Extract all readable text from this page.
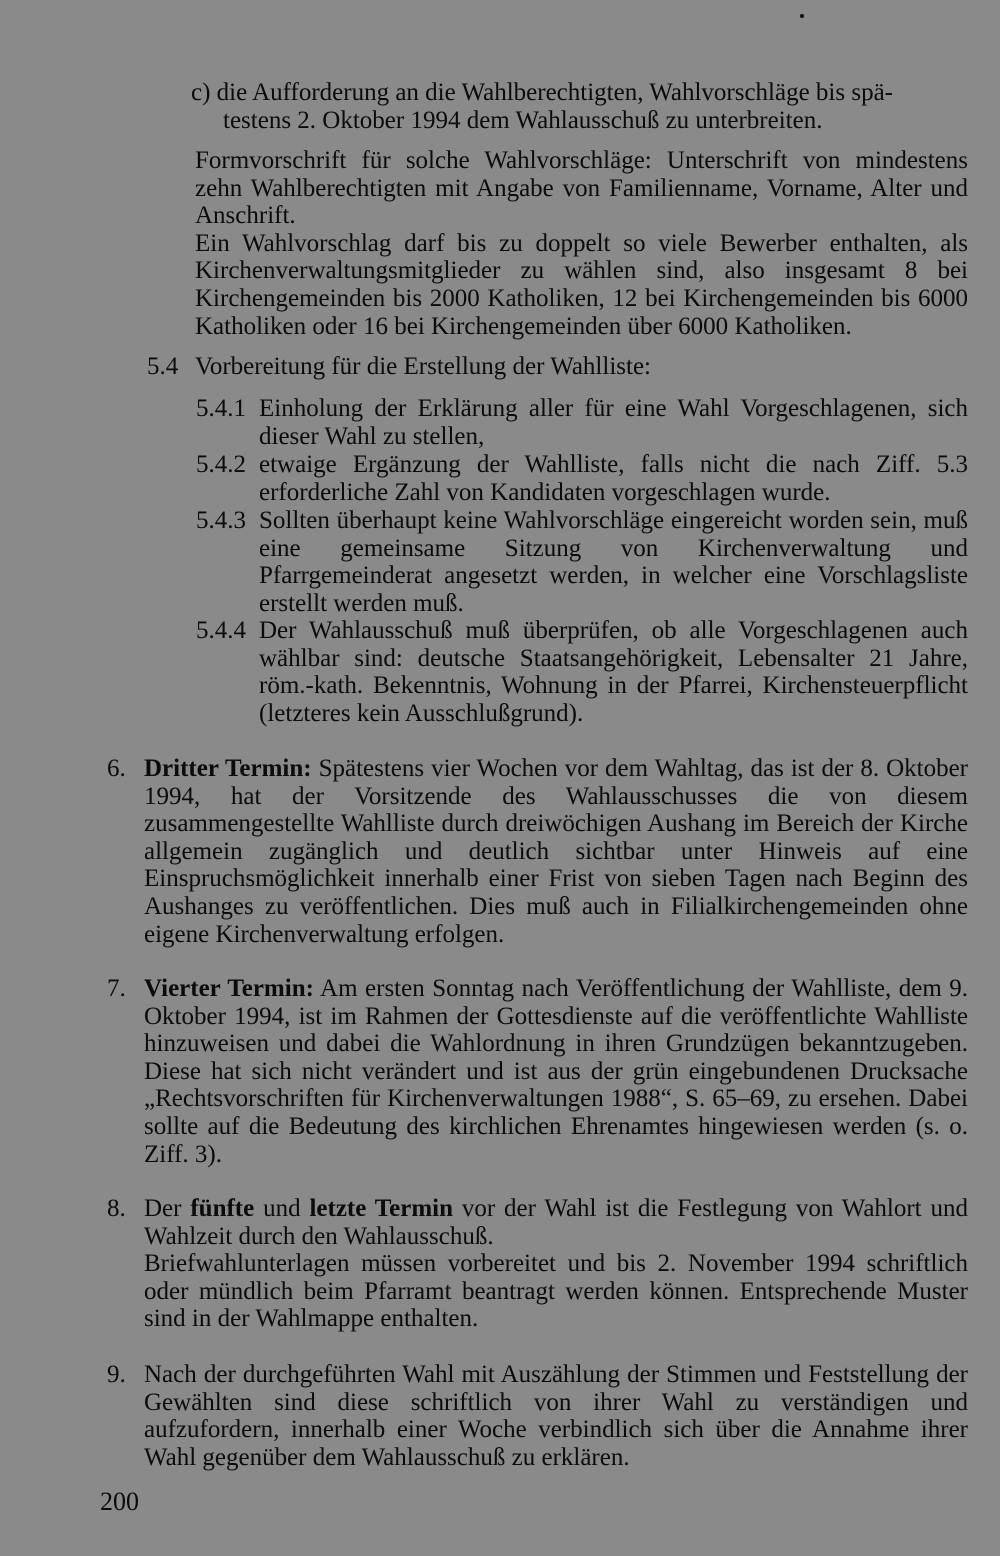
c) die Aufforderung an die Wahlberechtigten, Wahlvorschläge bis spä-

testens 2. Oktober 1994 dem Wahlausschuß zu unterbreiten.

Formvorschrift für solche Wahlvorschläge: Unterschrift von mindestens zehn Wahlberechtigten mit Angabe von Familienname, Vorname, Alter und Anschrift.

Ein Wahlvorschlag darf bis zu doppelt so viele Bewerber enthalten, als Kirchenverwaltungsmitglieder zu wählen sind, also insgesamt 8 bei Kirchengemeinden bis 2000 Katholiken, 12 bei Kirchengemeinden bis 6000 Katholiken oder 16 bei Kirchengemeinden über 6000 Katholiken.

5.4 Vorbereitung für die Erstellung der Wahlliste:
5.4.1 Einholung der Erklärung aller für eine Wahl Vorgeschlagenen, sich dieser Wahl zu stellen,

5.4.2 etwaige Ergänzung der Wahlliste, falls nicht die nach Ziff. 5.3 erforderliche Zahl von Kandidaten vorgeschlagen wurde.

5.4.3 Sollten überhaupt keine Wahlvorschläge eingereicht worden sein, muß eine gemeinsame Sitzung von Kirchenverwaltung und Pfarrgemeinderat angesetzt werden, in welcher eine Vorschlagsliste erstellt werden muß.

5.4.4 Der Wahlausschuß muß überprüfen, ob alle Vorgeschlagenen auch wählbar sind: deutsche Staatsangehörigkeit, Lebensalter 21 Jahre, röm.-kath. Bekenntnis, Wohnung in der Pfarrei, Kirchensteuerpflicht (letzteres kein Ausschlußgrund).

6. Dritter Termin: Spätestens vier Wochen vor dem Wahltag, das ist der 8. Oktober 1994, hat der Vorsitzende des Wahlausschusses die von diesem zusammengestellte Wahlliste durch dreiwöchigen Aushang im Bereich der Kirche allgemein zugänglich und deutlich sichtbar unter Hinweis auf eine Einspruchsmöglichkeit innerhalb einer Frist von sieben Tagen nach Beginn des Aushanges zu veröffentlichen. Dies muß auch in Filialkirchengemeinden ohne eigene Kirchenverwaltung erfolgen.

7. Vierter Termin: Am ersten Sonntag nach Veröffentlichung der Wahlliste, dem 9. Oktober 1994, ist im Rahmen der Gottesdienste auf die veröffentlichte Wahlliste hinzuweisen und dabei die Wahlordnung in ihren Grundzügen bekanntzugeben. Diese hat sich nicht verändert und ist aus der grün eingebundenen Drucksache „Rechtsvorschriften für Kirchenverwaltungen 1988“, S. 65–69, zu ersehen. Dabei sollte auf die Bedeutung des kirchlichen Ehrenamtes hingewiesen werden (s. o. Ziff. 3).

8. Der fünfte und letzte Termin vor der Wahl ist die Festlegung von Wahlort und Wahlzeit durch den Wahlausschuß.

Briefwahlunterlagen müssen vorbereitet und bis 2. November 1994 schriftlich oder mündlich beim Pfarramt beantragt werden können. Entsprechende Muster sind in der Wahlmappe enthalten.

9. Nach der durchgeführten Wahl mit Auszählung der Stimmen und Feststellung der Gewählten sind diese schriftlich von ihrer Wahl zu verständigen und aufzufordern, innerhalb einer Woche verbindlich sich über die Annahme ihrer Wahl gegenüber dem Wahlausschuß zu erklären.

200
